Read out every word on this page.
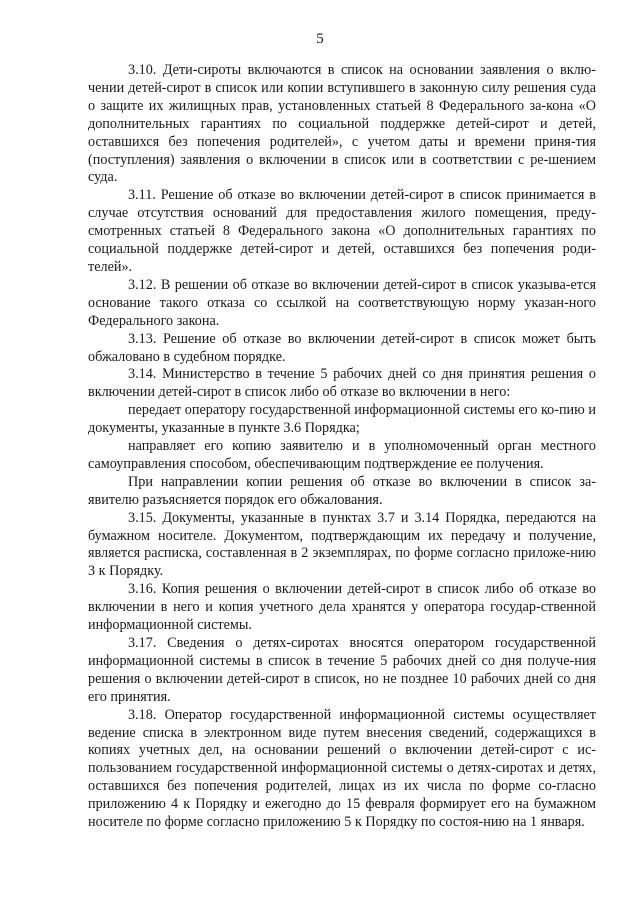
5

3.10. Дети-сироты включаются в список на основании заявления о вклю-чении детей-сирот в список или копии вступившего в законную силу решения суда о защите их жилищных прав, установленных статьей 8 Федерального за-кона «О дополнительных гарантиях по социальной поддержке детей-сирот и детей, оставшихся без попечения родителей», с учетом даты и времени приня-тия (поступления) заявления о включении в список или в соответствии с ре-шением суда.

3.11. Решение об отказе во включении детей-сирот в список принимается в случае отсутствия оснований для предоставления жилого помещения, преду-смотренных статьей 8 Федерального закона «О дополнительных гарантиях по социальной поддержке детей-сирот и детей, оставшихся без попечения роди-телей».

3.12. В решении об отказе во включении детей-сирот в список указыва-ется основание такого отказа со ссылкой на соответствующую норму указан-ного Федерального закона.

3.13. Решение об отказе во включении детей-сирот в список может быть обжаловано в судебном порядке.

3.14. Министерство в течение 5 рабочих дней со дня принятия решения о включении детей-сирот в список либо об отказе во включении в него:

передает оператору государственной информационной системы его ко-пию и документы, указанные в пункте 3.6 Порядка;

направляет его копию заявителю и в уполномоченный орган местного самоуправления способом, обеспечивающим подтверждение ее получения.

При направлении копии решения об отказе во включении в список за-явителю разъясняется порядок его обжалования.

3.15. Документы, указанные в пунктах 3.7 и 3.14 Порядка, передаются на бумажном носителе. Документом, подтверждающим их передачу и получение, является расписка, составленная в 2 экземплярах, по форме согласно приложе-нию 3 к Порядку.

3.16. Копия решения о включении детей-сирот в список либо об отказе во включении в него и копия учетного дела хранятся у оператора государ-ственной информационной системы.

3.17. Сведения о детях-сиротах вносятся оператором государственной информационной системы в список в течение 5 рабочих дней со дня получе-ния решения о включении детей-сирот в список, но не позднее 10 рабочих дней со дня его принятия.

3.18. Оператор государственной информационной системы осуществляет ведение списка в электронном виде путем внесения сведений, содержащихся в копиях учетных дел, на основании решений о включении детей-сирот с ис-пользованием государственной информационной системы о детях-сиротах и детях, оставшихся без попечения родителей, лицах из их числа по форме со-гласно приложению 4 к Порядку и ежегодно до 15 февраля формирует его на бумажном носителе по форме согласно приложению 5 к Порядку по состоя-нию на 1 января.
